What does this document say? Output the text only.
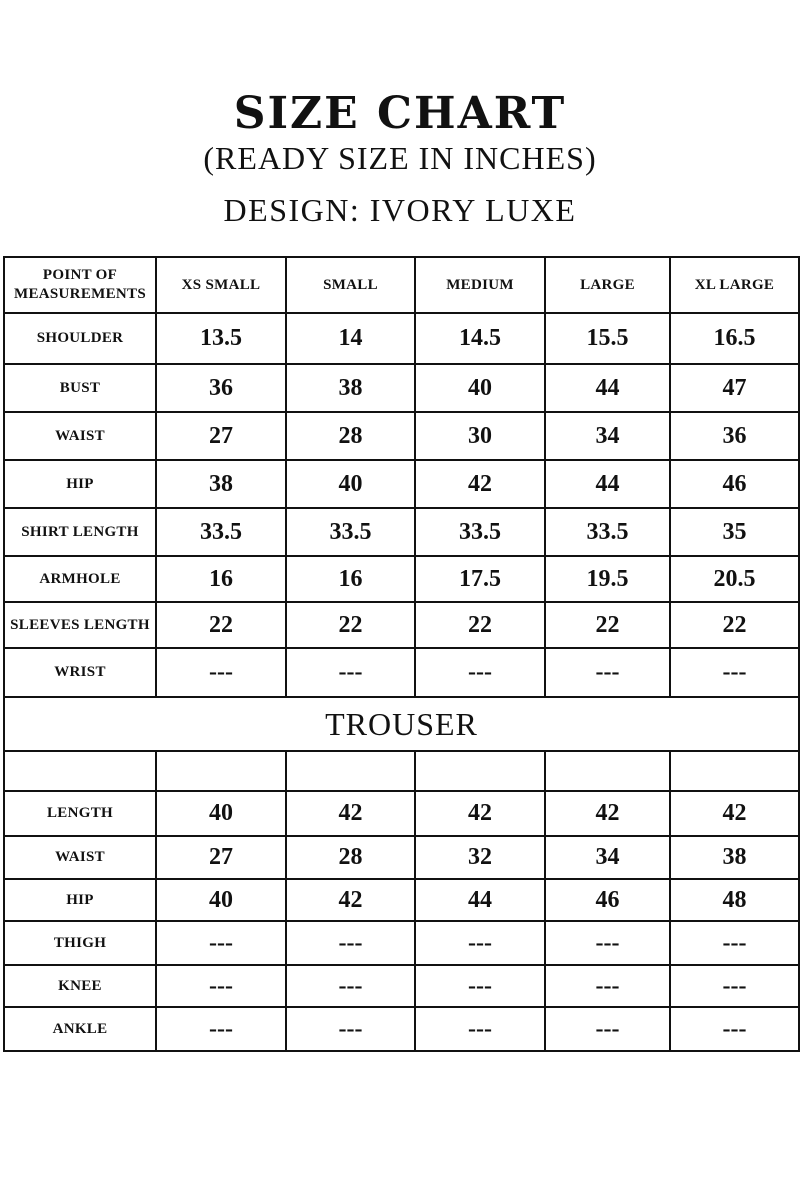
SIZE CHART
(READY SIZE IN INCHES)
DESIGN: IVORY LUXE
POINT OF MEASUREMENTS	XS SMALL	SMALL	MEDIUM	LARGE	XL LARGE
SHOULDER	13.5	14	14.5	15.5	16.5
BUST	36	38	40	44	47
WAIST	27	28	30	34	36
HIP	38	40	42	44	46
SHIRT LENGTH	33.5	33.5	33.5	33.5	35
ARMHOLE	16	16	17.5	19.5	20.5
SLEEVES LENGTH	22	22	22	22	22
WRIST	---	---	---	---	---
TROUSER					

LENGTH	40	42	42	42	42
WAIST	27	28	32	34	38
HIP	40	42	44	46	48
THIGH	---	---	---	---	---
KNEE	---	---	---	---	---
ANKLE	---	---	---	---	---
